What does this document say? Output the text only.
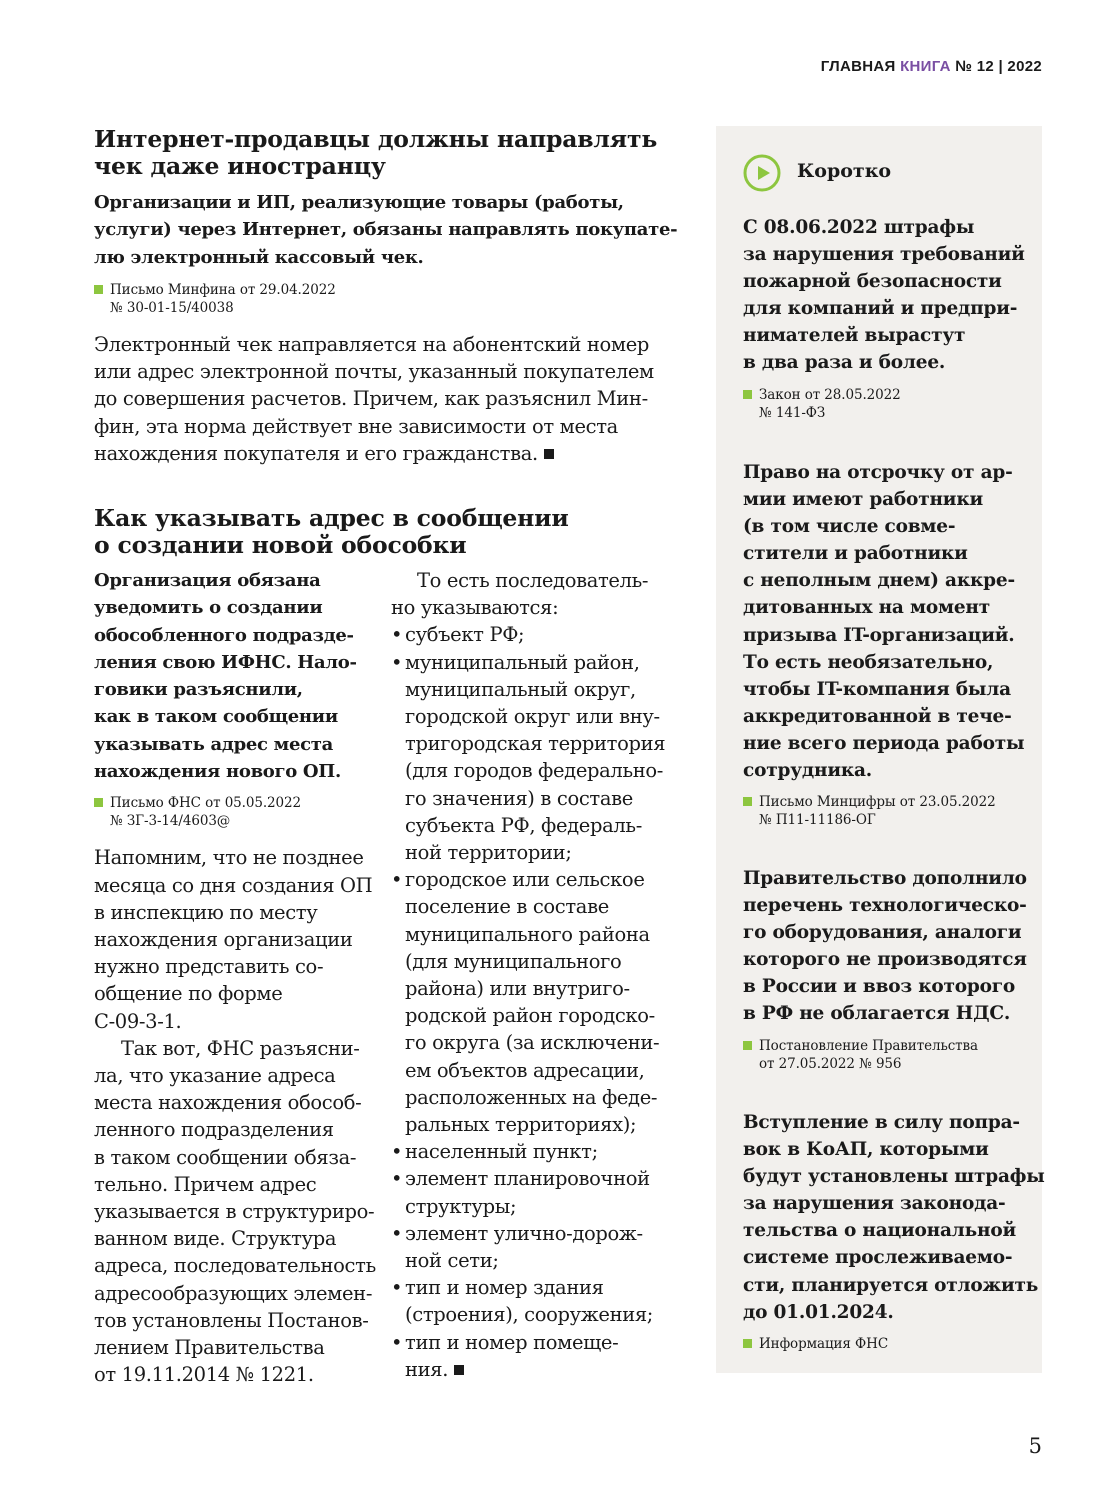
ГЛАВНАЯ КНИГА № 12 | 2022
Интернет-продавцы должны направлять
чек даже иностранцу
Организации и ИП, реализующие товары (работы,
услуги) через Интернет, обязаны направлять покупате-
лю электронный кассовый чек.
Письмо Минфина от 29.04.2022
№ 30-01-15/40038
Электронный чек направляется на абонентский номер
или адрес электронной почты, указанный покупателем
до совершения расчетов. Причем, как разъяснил Мин-
фин, эта норма действует вне зависимости от места
нахождения покупателя и его гражданства.
Как указывать адрес в сообщении
о создании новой обособки
Организация обязана
уведомить о создании
обособленного подразде-
ления свою ИФНС. Нало-
говики разъяснили,
как в таком сообщении
указывать адрес места
нахождения нового ОП.
Письмо ФНС от 05.05.2022
№ ЗГ-3-14/4603@
Напомним, что не позднее
месяца со дня создания ОП
в инспекцию по месту
нахождения организации
нужно представить со-
общение по форме
С-09-3-1.
Так вот, ФНС разъясни-
ла, что указание адреса
места нахождения обособ-
ленного подразделения
в таком сообщении обяза-
тельно. Причем адрес
указывается в структуриро-
ванном виде. Структура
адреса, последовательность
адресообразующих элемен-
тов установлены Постанов-
лением Правительства
от 19.11.2014 № 1221.
То есть последователь-
но указываются:
• субъект РФ;
• муниципальный район,
муниципальный округ,
городской округ или вну-
тригородская территория
(для городов федерально-
го значения) в составе
субъекта РФ, федераль-
ной территории;
• городское или сельское
поселение в составе
муниципального района
(для муниципального
района) или внутриго-
родской район городско-
го округа (за исключени-
ем объектов адресации,
расположенных на феде-
ральных территориях);
• населенный пункт;
• элемент планировочной
структуры;
• элемент улично-дорож-
ной сети;
• тип и номер здания
(строения), сооружения;
• тип и номер помеще-
ния.
Коротко
С 08.06.2022 штрафы
за нарушения требований
пожарной безопасности
для компаний и предпри-
нимателей вырастут
в два раза и более.
Закон от 28.05.2022
№ 141-ФЗ
Право на отсрочку от ар-
мии имеют работники
(в том числе совме-
стители и работники
с неполным днем) аккре-
дитованных на момент
призыва IT-организаций.
То есть необязательно,
чтобы IT-компания была
аккредитованной в тече-
ние всего периода работы
сотрудника.
Письмо Минцифры от 23.05.2022
№ П11-11186-ОГ
Правительство дополнило
перечень технологическо-
го оборудования, аналоги
которого не производятся
в России и ввоз которого
в РФ не облагается НДС.
Постановление Правительства
от 27.05.2022 № 956
Вступление в силу попра-
вок в КоАП, которыми
будут установлены штрафы
за нарушения законода-
тельства о национальной
системе прослеживаемо-
сти, планируется отложить
до 01.01.2024.
Информация ФНС
5
